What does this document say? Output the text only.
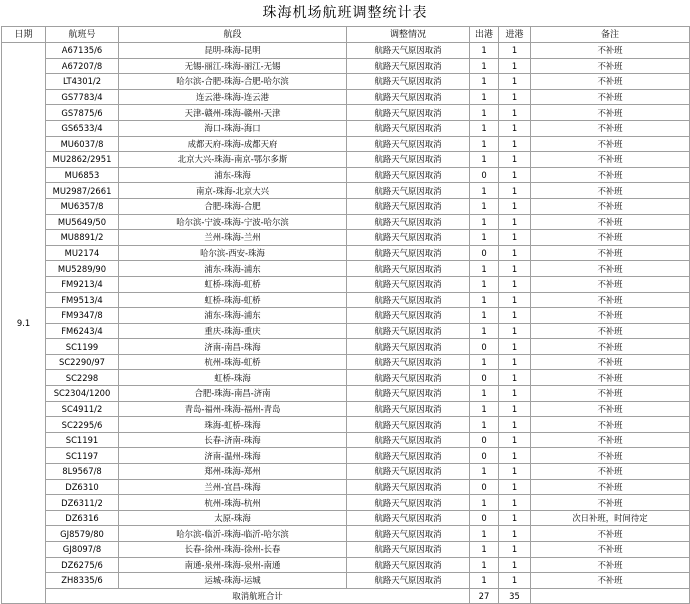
珠海机场航班调整统计表
日期	航班号	航段	调整情况	出港	进港	备注
9.1	A67135/6	昆明-珠海-昆明	航路天气原因取消	1	1	不补班
	A67207/8	无锡-丽江-珠海-丽江-无锡	航路天气原因取消	1	1	不补班
	LT4301/2	哈尔滨-合肥-珠海-合肥-哈尔滨	航路天气原因取消	1	1	不补班
	GS7783/4	连云港-珠海-连云港	航路天气原因取消	1	1	不补班
	GS7875/6	天津-赣州-珠海-赣州-天津	航路天气原因取消	1	1	不补班
	GS6533/4	海口-珠海-海口	航路天气原因取消	1	1	不补班
	MU6037/8	成都天府-珠海-成都天府	航路天气原因取消	1	1	不补班
	MU2862/2951	北京大兴-珠海-南京-鄂尔多斯	航路天气原因取消	1	1	不补班
	MU6853	浦东-珠海	航路天气原因取消	0	1	不补班
	MU2987/2661	南京-珠海-北京大兴	航路天气原因取消	1	1	不补班
	MU6357/8	合肥-珠海-合肥	航路天气原因取消	1	1	不补班
	MU5649/50	哈尔滨-宁波-珠海-宁波-哈尔滨	航路天气原因取消	1	1	不补班
	MU8891/2	兰州-珠海-兰州	航路天气原因取消	1	1	不补班
	MU2174	哈尔滨-西安-珠海	航路天气原因取消	0	1	不补班
	MU5289/90	浦东-珠海-浦东	航路天气原因取消	1	1	不补班
	FM9213/4	虹桥-珠海-虹桥	航路天气原因取消	1	1	不补班
	FM9513/4	虹桥-珠海-虹桥	航路天气原因取消	1	1	不补班
	FM9347/8	浦东-珠海-浦东	航路天气原因取消	1	1	不补班
	FM6243/4	重庆-珠海-重庆	航路天气原因取消	1	1	不补班
	SC1199	济南-南昌-珠海	航路天气原因取消	0	1	不补班
	SC2290/97	杭州-珠海-虹桥	航路天气原因取消	1	1	不补班
	SC2298	虹桥-珠海	航路天气原因取消	0	1	不补班
	SC2304/1200	合肥-珠海-南昌-济南	航路天气原因取消	1	1	不补班
	SC4911/2	青岛-福州-珠海-福州-青岛	航路天气原因取消	1	1	不补班
	SC2295/6	珠海-虹桥-珠海	航路天气原因取消	1	1	不补班
	SC1191	长春-济南-珠海	航路天气原因取消	0	1	不补班
	SC1197	济南-温州-珠海	航路天气原因取消	0	1	不补班
	8L9567/8	郑州-珠海-郑州	航路天气原因取消	1	1	不补班
	DZ6310	兰州-宜昌-珠海	航路天气原因取消	0	1	不补班
	DZ6311/2	杭州-珠海-杭州	航路天气原因取消	1	1	不补班
	DZ6316	太原-珠海	航路天气原因取消	0	1	次日补班，时间待定
	GJ8579/80	哈尔滨-临沂-珠海-临沂-哈尔滨	航路天气原因取消	1	1	不补班
	GJ8097/8	长春-徐州-珠海-徐州-长春	航路天气原因取消	1	1	不补班
	DZ6275/6	南通-泉州-珠海-泉州-南通	航路天气原因取消	1	1	不补班
	ZH8335/6	运城-珠海-运城	航路天气原因取消	1	1	不补班
	取消航班合计			27	35	
